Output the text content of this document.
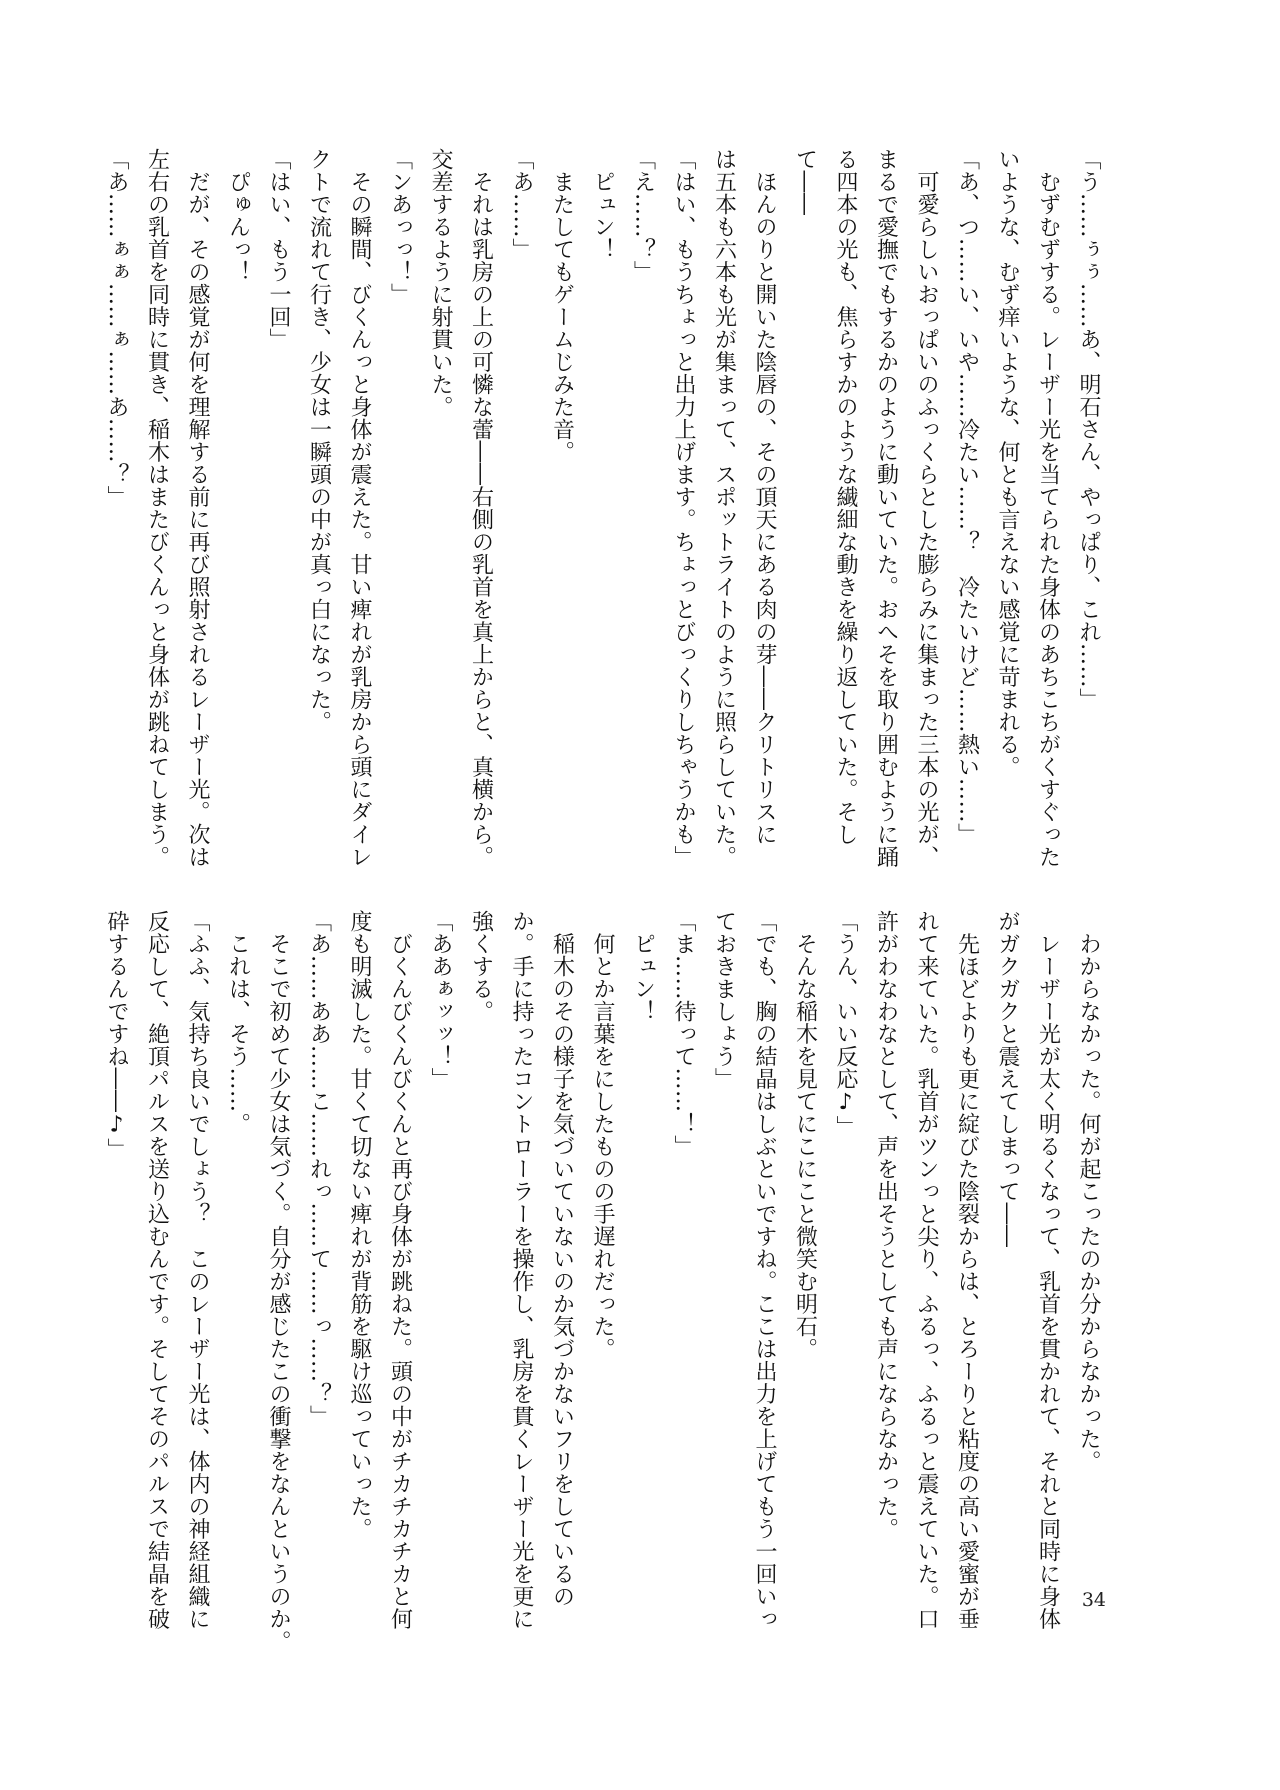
「う……ぅぅ……あ、明石さん、やっぱり、これ……」
　むずむずする。レーザー光を当てられた身体のあちこちがくすぐった
いような、むず痒いような、何とも言えない感覚に苛まれる。
「あ、つ……い、いや……冷たい……？　冷たいけど……熱い……」
　可愛らしいおっぱいのふっくらとした膨らみに集まった三本の光が、
まるで愛撫でもするかのように動いていた。おへそを取り囲むように踊
る四本の光も、焦らすかのような繊細な動きを繰り返していた。そし
て――
　ほんのりと開いた陰唇の、その頂天にある肉の芽――クリトリスに
は五本も六本も光が集まって、スポットライトのように照らしていた。
「はい、もうちょっと出力上げます。ちょっとびっくりしちゃうかも」
「え……？」
　ピュン！
　またしてもゲームじみた音。
「あ……」
　それは乳房の上の可憐な蕾――右側の乳首を真上からと、真横から。
交差するように射貫いた。
「ンあっっ！」
　その瞬間、びくんっと身体が震えた。甘い痺れが乳房から頭にダイレ
クトで流れて行き、少女は一瞬頭の中が真っ白になった。
「はい、もう一回」
　ぴゅんっ！
　だが、その感覚が何を理解する前に再び照射されるレーザー光。次は
左右の乳首を同時に貫き、稲木はまたびくんっと身体が跳ねてしまう。
「あ……ぁぁ……ぁ……あ……？」
　わからなかった。何が起こったのか分からなかった。
　レーザー光が太く明るくなって、乳首を貫かれて、それと同時に身体
がガクガクと震えてしまって――
　先ほどよりも更に綻びた陰裂からは、とろーりと粘度の高い愛蜜が垂
れて来ていた。乳首がツンっと尖り、ふるっ、ふるっと震えていた。口
許がわなわなとして、声を出そうとしても声にならなかった。
「うん、いい反応♪」
　そんな稲木を見てにこにこと微笑む明石。
「でも、胸の結晶はしぶといですね。ここは出力を上げてもう一回いっ
ておきましょう」
「ま……待って……！」
　ピュン！
　何とか言葉をにしたものの手遅れだった。
　稲木のその様子を気づいていないのか気づかないフリをしているの
か。手に持ったコントローラーを操作し、乳房を貫くレーザー光を更に
強くする。
「ああぁッッ！」
　びくんびくんびくんと再び身体が跳ねた。頭の中がチカチカチカと何
度も明滅した。甘くて切ない痺れが背筋を駆け巡っていった。
「あ……ああ……こ……れっ……て……っ……？」
　そこで初めて少女は気づく。自分が感じたこの衝撃をなんというのか。
　これは、そう……。
「ふふ、気持ち良いでしょう？　このレーザー光は、体内の神経組織に
反応して、絶頂パルスを送り込むんです。そしてそのパルスで結晶を破
砕するんですね――♪」
34
